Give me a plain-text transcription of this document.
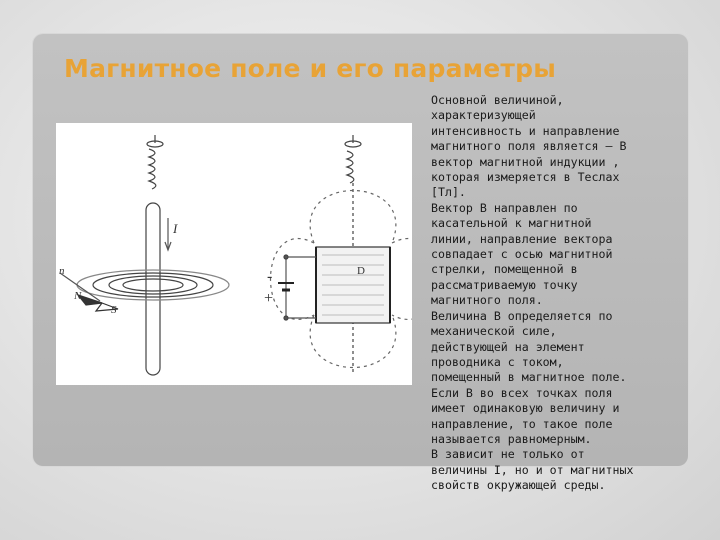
Магнитное поле и его параметры
I
n
N
S
-
+
D

Основной величиной,
характеризующей
интенсивность и направление
магнитного поля является – В
вектор магнитной индукции ,
которая измеряется в Теслах
[Тл].

Вектор В направлен по
касательной к магнитной
линии, направление вектора
совпадает с осью магнитной
стрелки, помещенной в
рассматриваемую точку
магнитного поля.

Величина В определяется по
механической силе,
действующей на элемент
проводника с током,
помещенный в магнитное поле.

Если В во всех точках поля
имеет одинаковую величину и
направление, то такое поле
называется равномерным.

В зависит не только от
величины I, но и от магнитных
свойств окружающей среды.
